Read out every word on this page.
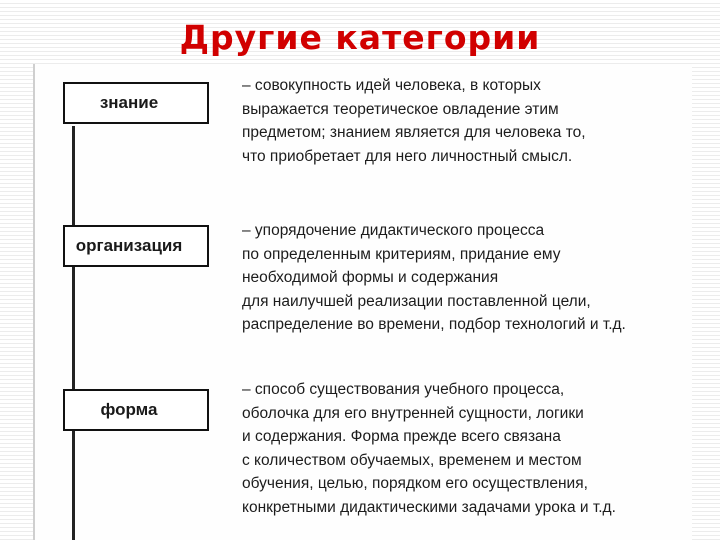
Другие категории
знание
организация
форма
– совокупность идей человека, в которых
выражается теоретическое овладение этим
предметом; знанием является для человека то,
что приобретает для него личностный смысл.
– упорядочение дидактического процесса
по определенным критериям, придание ему
необходимой формы и содержания
для наилучшей реализации поставленной цели,
распределение во времени, подбор технологий и т.д.
– способ существования учебного процесса,
оболочка для его внутренней сущности, логики
и содержания. Форма прежде всего связана
с количеством обучаемых, временем и местом
обучения, целью, порядком его осуществления,
конкретными дидактическими задачами урока и т.д.
